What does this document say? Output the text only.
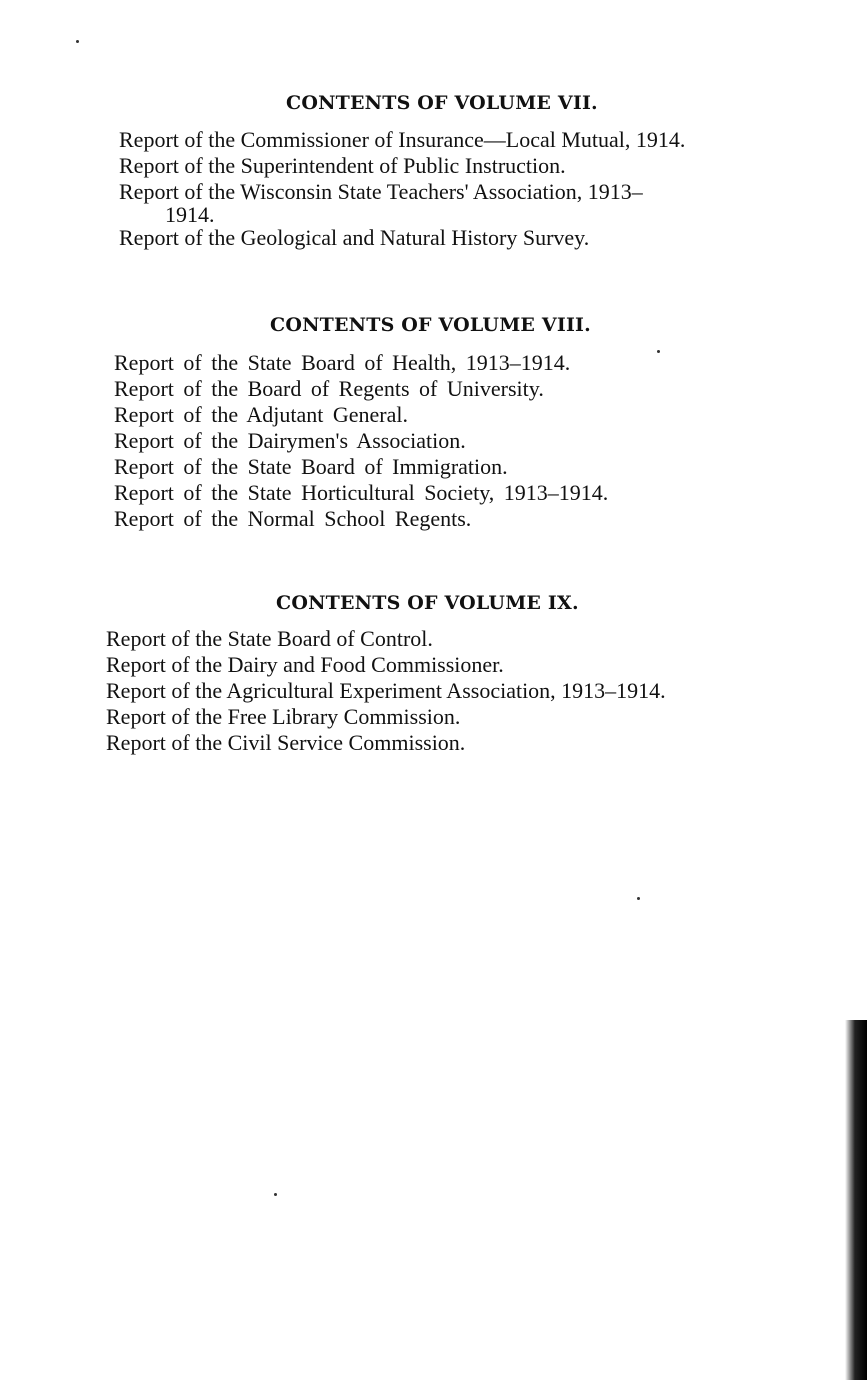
CONTENTS OF VOLUME VII.
Report of the Commissioner of Insurance—Local Mutual, 1914.
Report of the Superintendent of Public Instruction.
Report of the Wisconsin State Teachers' Association, 1913–
1914.
Report of the Geological and Natural History Survey.
CONTENTS OF VOLUME VIII.
Report of the State Board of Health, 1913–1914.
Report of the Board of Regents of University.
Report of the Adjutant General.
Report of the Dairymen's Association.
Report of the State Board of Immigration.
Report of the State Horticultural Society, 1913–1914.
Report of the Normal School Regents.
CONTENTS OF VOLUME IX.
Report of the State Board of Control.
Report of the Dairy and Food Commissioner.
Report of the Agricultural Experiment Association, 1913–1914.
Report of the Free Library Commission.
Report of the Civil Service Commission.
